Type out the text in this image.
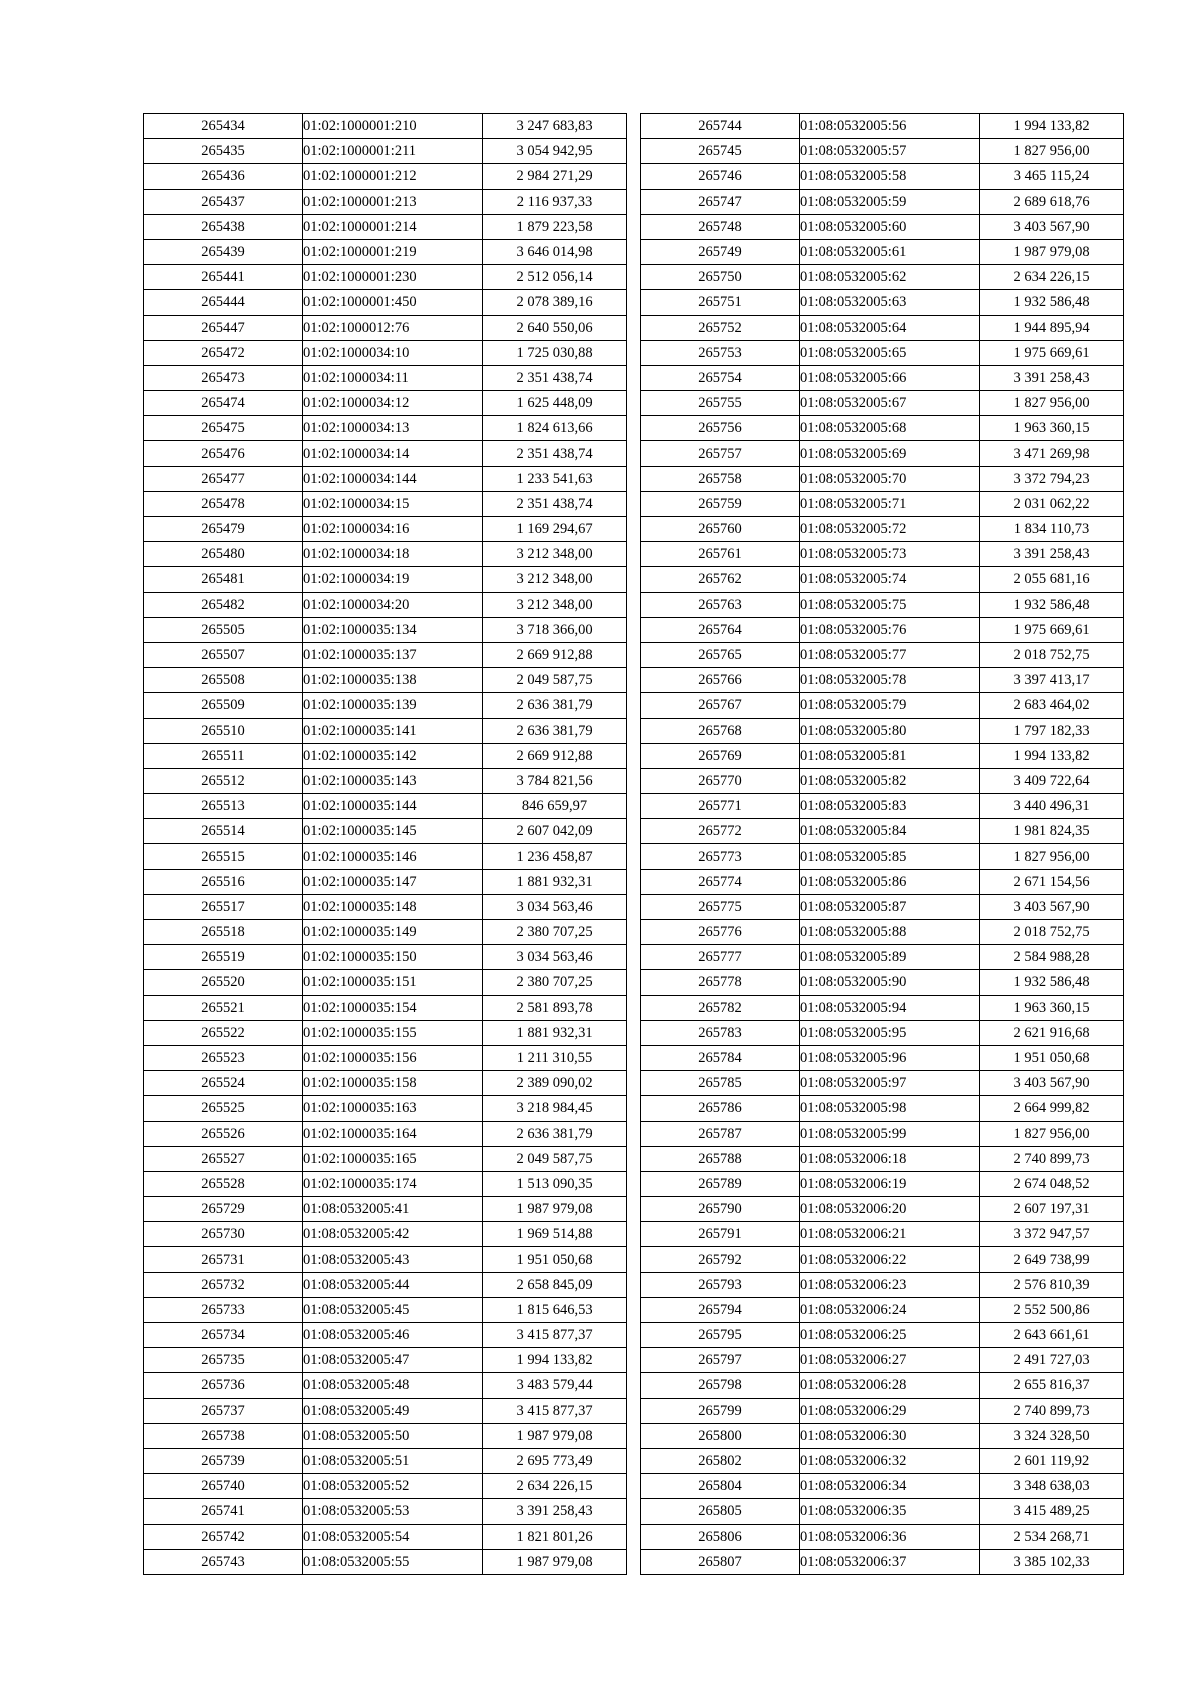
265434	01:02:1000001:210	3 247 683,83
265435	01:02:1000001:211	3 054 942,95
265436	01:02:1000001:212	2 984 271,29
265437	01:02:1000001:213	2 116 937,33
265438	01:02:1000001:214	1 879 223,58
265439	01:02:1000001:219	3 646 014,98
265441	01:02:1000001:230	2 512 056,14
265444	01:02:1000001:450	2 078 389,16
265447	01:02:1000012:76	2 640 550,06
265472	01:02:1000034:10	1 725 030,88
265473	01:02:1000034:11	2 351 438,74
265474	01:02:1000034:12	1 625 448,09
265475	01:02:1000034:13	1 824 613,66
265476	01:02:1000034:14	2 351 438,74
265477	01:02:1000034:144	1 233 541,63
265478	01:02:1000034:15	2 351 438,74
265479	01:02:1000034:16	1 169 294,67
265480	01:02:1000034:18	3 212 348,00
265481	01:02:1000034:19	3 212 348,00
265482	01:02:1000034:20	3 212 348,00
265505	01:02:1000035:134	3 718 366,00
265507	01:02:1000035:137	2 669 912,88
265508	01:02:1000035:138	2 049 587,75
265509	01:02:1000035:139	2 636 381,79
265510	01:02:1000035:141	2 636 381,79
265511	01:02:1000035:142	2 669 912,88
265512	01:02:1000035:143	3 784 821,56
265513	01:02:1000035:144	846 659,97
265514	01:02:1000035:145	2 607 042,09
265515	01:02:1000035:146	1 236 458,87
265516	01:02:1000035:147	1 881 932,31
265517	01:02:1000035:148	3 034 563,46
265518	01:02:1000035:149	2 380 707,25
265519	01:02:1000035:150	3 034 563,46
265520	01:02:1000035:151	2 380 707,25
265521	01:02:1000035:154	2 581 893,78
265522	01:02:1000035:155	1 881 932,31
265523	01:02:1000035:156	1 211 310,55
265524	01:02:1000035:158	2 389 090,02
265525	01:02:1000035:163	3 218 984,45
265526	01:02:1000035:164	2 636 381,79
265527	01:02:1000035:165	2 049 587,75
265528	01:02:1000035:174	1 513 090,35
265729	01:08:0532005:41	1 987 979,08
265730	01:08:0532005:42	1 969 514,88
265731	01:08:0532005:43	1 951 050,68
265732	01:08:0532005:44	2 658 845,09
265733	01:08:0532005:45	1 815 646,53
265734	01:08:0532005:46	3 415 877,37
265735	01:08:0532005:47	1 994 133,82
265736	01:08:0532005:48	3 483 579,44
265737	01:08:0532005:49	3 415 877,37
265738	01:08:0532005:50	1 987 979,08
265739	01:08:0532005:51	2 695 773,49
265740	01:08:0532005:52	2 634 226,15
265741	01:08:0532005:53	3 391 258,43
265742	01:08:0532005:54	1 821 801,26
265743	01:08:0532005:55	1 987 979,08
265744	01:08:0532005:56	1 994 133,82
265745	01:08:0532005:57	1 827 956,00
265746	01:08:0532005:58	3 465 115,24
265747	01:08:0532005:59	2 689 618,76
265748	01:08:0532005:60	3 403 567,90
265749	01:08:0532005:61	1 987 979,08
265750	01:08:0532005:62	2 634 226,15
265751	01:08:0532005:63	1 932 586,48
265752	01:08:0532005:64	1 944 895,94
265753	01:08:0532005:65	1 975 669,61
265754	01:08:0532005:66	3 391 258,43
265755	01:08:0532005:67	1 827 956,00
265756	01:08:0532005:68	1 963 360,15
265757	01:08:0532005:69	3 471 269,98
265758	01:08:0532005:70	3 372 794,23
265759	01:08:0532005:71	2 031 062,22
265760	01:08:0532005:72	1 834 110,73
265761	01:08:0532005:73	3 391 258,43
265762	01:08:0532005:74	2 055 681,16
265763	01:08:0532005:75	1 932 586,48
265764	01:08:0532005:76	1 975 669,61
265765	01:08:0532005:77	2 018 752,75
265766	01:08:0532005:78	3 397 413,17
265767	01:08:0532005:79	2 683 464,02
265768	01:08:0532005:80	1 797 182,33
265769	01:08:0532005:81	1 994 133,82
265770	01:08:0532005:82	3 409 722,64
265771	01:08:0532005:83	3 440 496,31
265772	01:08:0532005:84	1 981 824,35
265773	01:08:0532005:85	1 827 956,00
265774	01:08:0532005:86	2 671 154,56
265775	01:08:0532005:87	3 403 567,90
265776	01:08:0532005:88	2 018 752,75
265777	01:08:0532005:89	2 584 988,28
265778	01:08:0532005:90	1 932 586,48
265782	01:08:0532005:94	1 963 360,15
265783	01:08:0532005:95	2 621 916,68
265784	01:08:0532005:96	1 951 050,68
265785	01:08:0532005:97	3 403 567,90
265786	01:08:0532005:98	2 664 999,82
265787	01:08:0532005:99	1 827 956,00
265788	01:08:0532006:18	2 740 899,73
265789	01:08:0532006:19	2 674 048,52
265790	01:08:0532006:20	2 607 197,31
265791	01:08:0532006:21	3 372 947,57
265792	01:08:0532006:22	2 649 738,99
265793	01:08:0532006:23	2 576 810,39
265794	01:08:0532006:24	2 552 500,86
265795	01:08:0532006:25	2 643 661,61
265797	01:08:0532006:27	2 491 727,03
265798	01:08:0532006:28	2 655 816,37
265799	01:08:0532006:29	2 740 899,73
265800	01:08:0532006:30	3 324 328,50
265802	01:08:0532006:32	2 601 119,92
265804	01:08:0532006:34	3 348 638,03
265805	01:08:0532006:35	3 415 489,25
265806	01:08:0532006:36	2 534 268,71
265807	01:08:0532006:37	3 385 102,33
